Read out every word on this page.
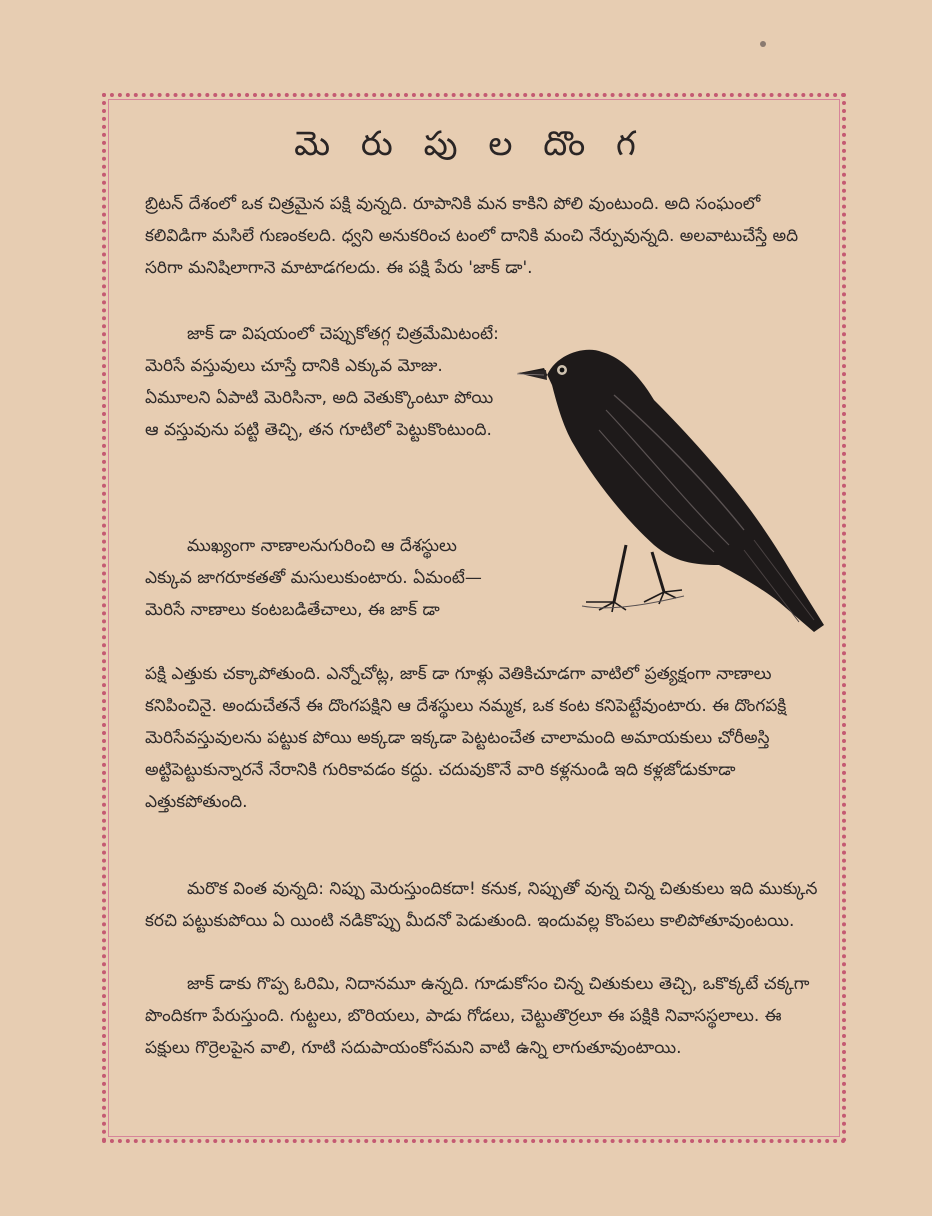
మె రు పు ల దొం గ

బ్రిటన్ దేశంలో ఒక చిత్రమైన పక్షి వున్నది. రూపానికి మన కాకిని పోలి వుంటుంది. అది సంఘంలో కలివిడిగా మసిలే గుణంకలది. ధ్వని అనుకరించ టంలో దానికి మంచి నేర్పువున్నది. అలవాటుచేస్తే అది సరిగా మనిషిలాగానె మాటాడగలదు. ఈ పక్షి పేరు 'జాక్ డా'.

జాక్ డా విషయంలో చెప్పుకోతగ్గ చిత్రమేమిటంటే: మెరిసే వస్తువులు చూస్తే దానికి ఎక్కువ మోజు. ఏమూలని ఏపాటి మెరిసినా, అది వెతుక్కొంటూ పోయి ఆ వస్తువును పట్టి తెచ్చి, తన గూటిలో పెట్టుకొంటుంది.

ముఖ్యంగా నాణాలనుగురించి ఆ దేశస్థులు ఎక్కువ జాగరూకతతో మసులుకుంటారు. ఏమంటే—మెరిసే నాణాలు కంటబడితేచాలు, ఈ జాక్ డా

పక్షి ఎత్తుకు చక్కాపోతుంది. ఎన్నోచోట్ల, జాక్ డా గూళ్లు వెతికిచూడగా వాటిలో ప్రత్యక్షంగా నాణాలు కనిపించినై. అందుచేతనే ఈ దొంగపక్షిని ఆ దేశస్థులు నమ్మక, ఒక కంట కనిపెట్టేవుంటారు. ఈ దొంగపక్షి మెరిసేవస్తువులను పట్టుక పోయి అక్కడా ఇక్కడా పెట్టటంచేత చాలామంది అమాయకులు చోరీఅస్తి అట్టిపెట్టుకున్నారనే నేరానికి గురికావడం కద్దు. చదువుకొనే వారి కళ్లనుండి ఇది కళ్లజోడుకూడా ఎత్తుకపోతుంది.

మరొక వింత వున్నది: నిప్పు మెరుస్తుందికదా! కనుక, నిప్పుతో వున్న చిన్న చితుకులు ఇది ముక్కున కరచి పట్టుకుపోయి ఏ యింటి నడికొప్పు మీదనో పెడుతుంది. ఇందువల్ల కొంపలు కాలిపోతూవుంటయి.

జాక్ డాకు గొప్ప ఓరిమి, నిదానమూ ఉన్నది. గూడుకోసం చిన్న చితుకులు తెచ్చి, ఒకొక్కటే చక్కగా పొందికగా పేరుస్తుంది. గుట్టలు, బొరియలు, పాడు గోడలు, చెట్టుతొర్రలూ ఈ పక్షికి నివాసస్థలాలు. ఈ పక్షులు గొర్రెలపైన వాలి, గూటి సదుపాయంకోసమని వాటి ఉన్ని లాగుతూవుంటాయి.
